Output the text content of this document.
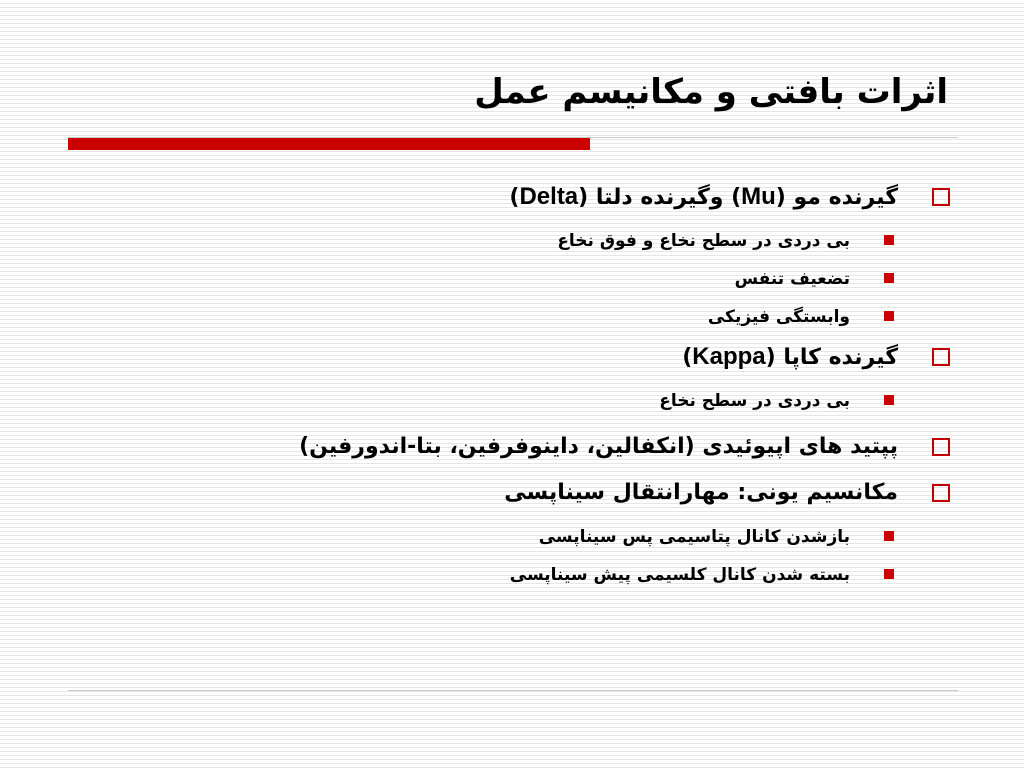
اثرات بافتی و مکانیسم عمل
گیرنده مو (Mu) وگیرنده دلتا (Delta)
بی دردی در سطح نخاع و فوق نخاع
تضعیف تنفس
وابستگی فیزیکی
گیرنده کاپا (Kappa)
بی دردی در سطح نخاع
پپتید های اپیوئیدی (انکفالین، داینوفرفین، بتا-اندورفین)
مکانسیم یونی: مهارانتقال سیناپسی
بازشدن کانال پتاسیمی پس سیناپسی
بسته شدن کانال کلسیمی پیش سیناپسی
